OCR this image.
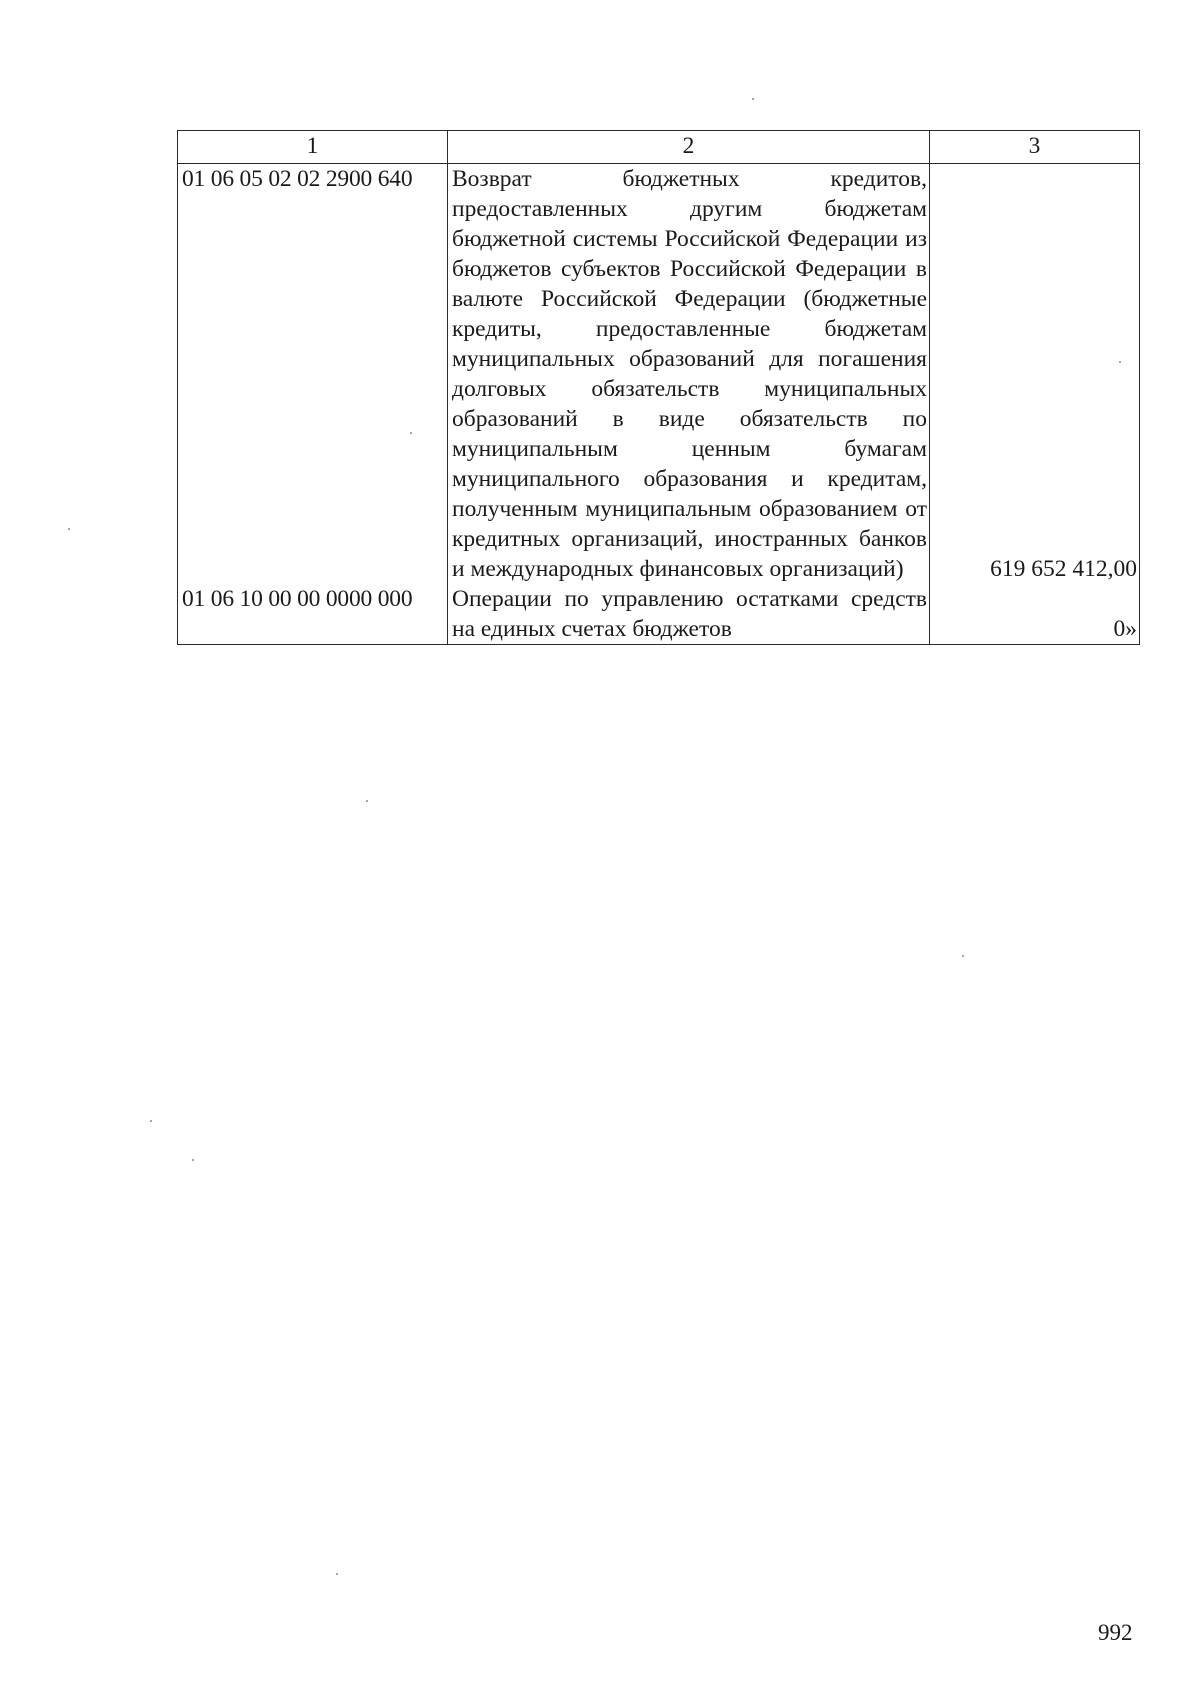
1	2	3
01 06 05 02 02 2900 640	Возврат бюджетных кредитов, предоставленных другим бюджетам бюджетной системы Российской Федерации из бюджетов субъектов Российской Федерации в валюте Российской Федерации (бюджетные кредиты, предоставленные бюджетам муниципальных образований для погашения долговых обязательств муниципальных образований в виде обязательств по муниципальным ценным бумагам муниципального образования и кредитам, полученным муниципальным образованием от кредитных организаций, иностранных банков и международных финансовых организаций)	619 652 412,00
01 06 10 00 00 0000 000	Операции по управлению остатками средств на единых счетах бюджетов	0»
992
